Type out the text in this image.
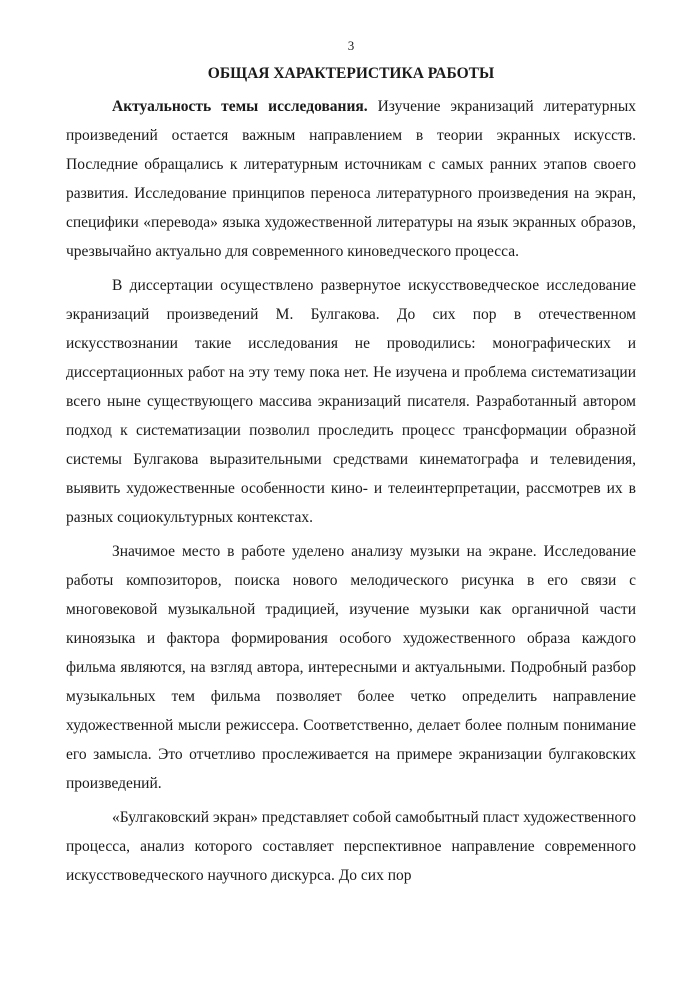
3
ОБЩАЯ ХАРАКТЕРИСТИКА РАБОТЫ

Актуальность темы исследования. Изучение экранизаций литературных произведений остается важным направлением в теории экранных искусств. Последние обращались к литературным источникам с самых ранних этапов своего развития. Исследование принципов переноса литературного произведения на экран, специфики «перевода» языка художественной литературы на язык экранных образов, чрезвычайно актуально для современного киноведческого процесса.

В диссертации осуществлено развернутое искусствоведческое исследование экранизаций произведений М. Булгакова. До сих пор в отечественном искусствознании такие исследования не проводились: монографических и диссертационных работ на эту тему пока нет. Не изучена и проблема систематизации всего ныне существующего массива экранизаций писателя. Разработанный автором подход к систематизации позволил проследить процесс трансформации образной системы Булгакова выразительными средствами кинематографа и телевидения, выявить художественные особенности кино- и телеинтерпретации, рассмотрев их в разных социокультурных контекстах.

Значимое место в работе уделено анализу музыки на экране. Исследование работы композиторов, поиска нового мелодического рисунка в его связи с многовековой музыкальной традицией, изучение музыки как органичной части киноязыка и фактора формирования особого художественного образа каждого фильма являются, на взгляд автора, интересными и актуальными. Подробный разбор музыкальных тем фильма позволяет более четко определить направление художественной мысли режиссера. Соответственно, делает более полным понимание его замысла. Это отчетливо прослеживается на примере экранизации булгаковских произведений.

«Булгаковский экран» представляет собой самобытный пласт художественного процесса, анализ которого составляет перспективное направление современного искусствоведческого научного дискурса. До сих пор
